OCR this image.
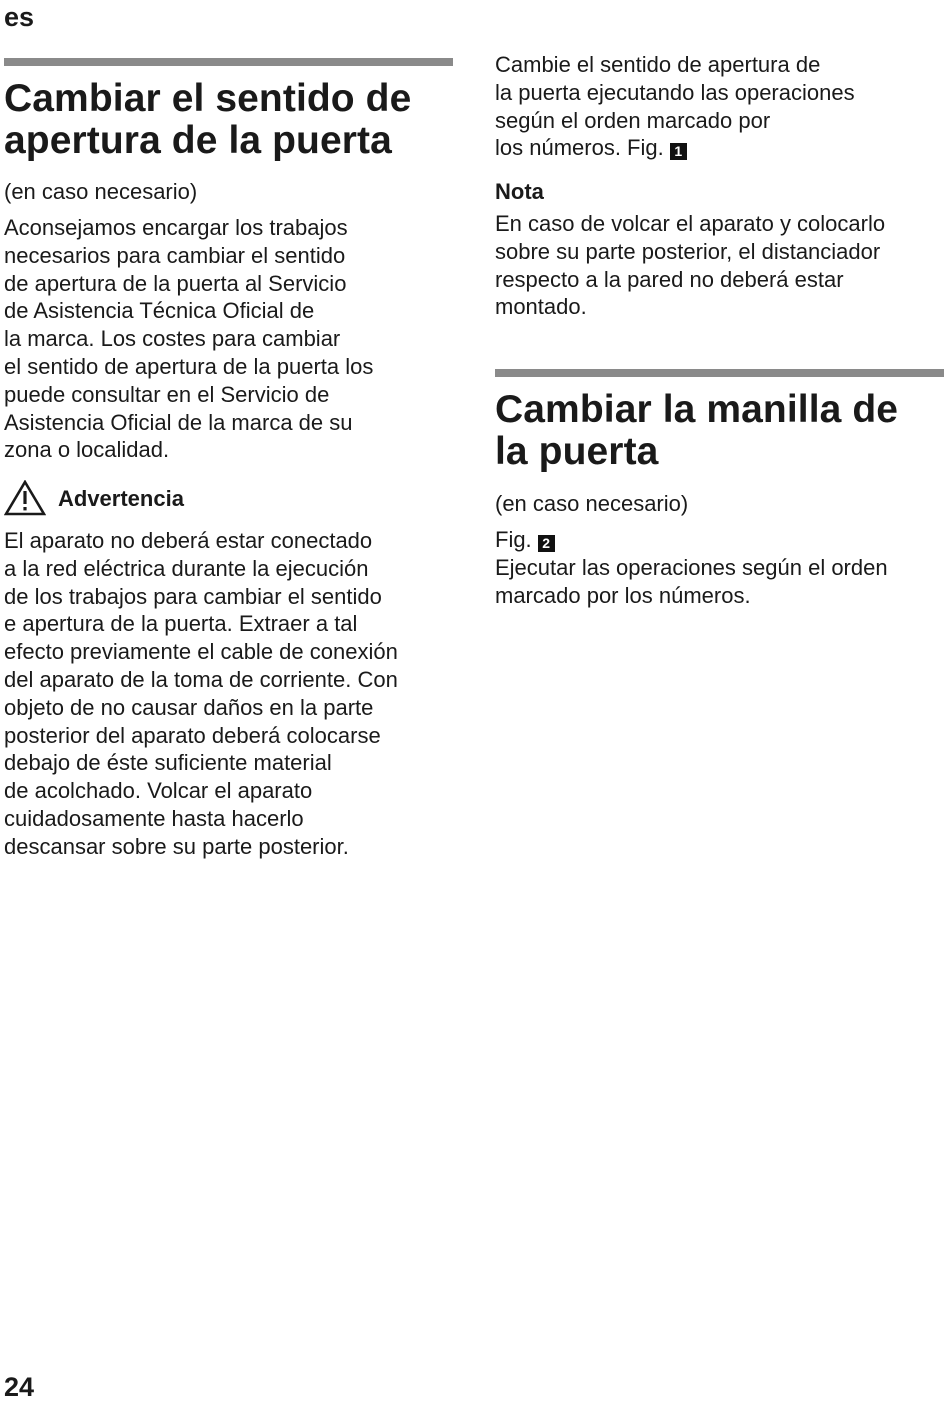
es
Cambiar el sentido de
apertura de la puerta

(en caso necesario)

Aconsejamos encargar los trabajos
necesarios para cambiar el sentido
de apertura de la puerta al Servicio
de Asistencia Técnica Oficial de
la marca. Los costes para cambiar
el sentido de apertura de la puerta los
puede consultar en el Servicio de
Asistencia Oficial de la marca de su
zona o localidad.

Advertencia

El aparato no deberá estar conectado
a la red eléctrica durante la ejecución
de los trabajos para cambiar el sentido
e apertura de la puerta. Extraer a tal
efecto previamente el cable de conexión
del aparato de la toma de corriente. Con
objeto de no causar daños en la parte
posterior del aparato deberá colocarse
debajo de éste suficiente material
de acolchado. Volcar el aparato
cuidadosamente hasta hacerlo
descansar sobre su parte posterior.

Cambie el sentido de apertura de
la puerta ejecutando las operaciones
según el orden marcado por
los números. Fig. 1

Nota

En caso de volcar el aparato y colocarlo
sobre su parte posterior, el distanciador
respecto a la pared no deberá estar
montado.

Cambiar la manilla de
la puerta

(en caso necesario)

Fig. 2

Ejecutar las operaciones según el orden
marcado por los números.

24
